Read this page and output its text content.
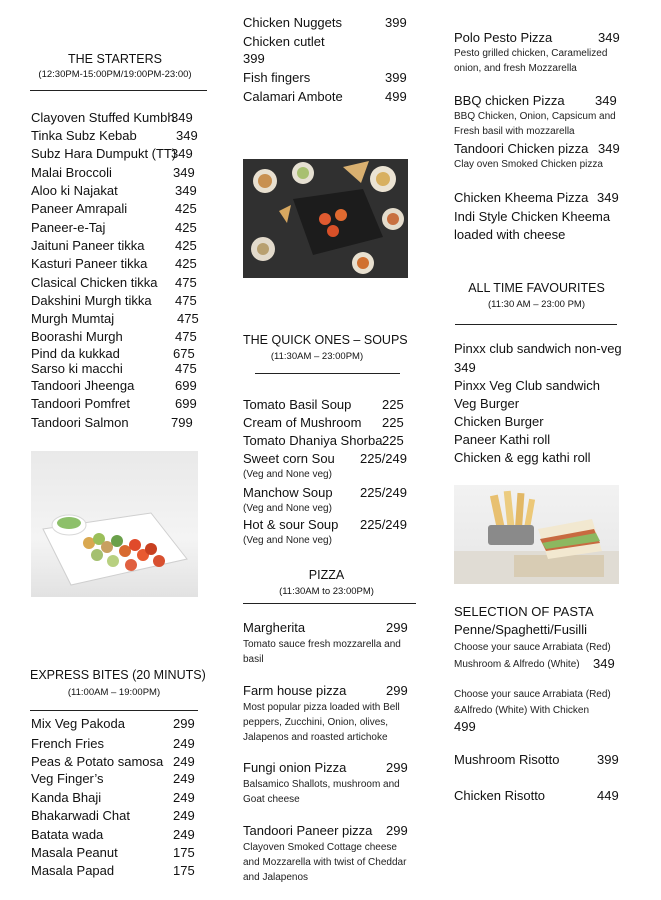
THE STARTERS
(12:30PM-15:00PM/19:00PM-23:00)
Clayoven Stuffed Kumbh
349
Tinka Subz Kebab	349
Subz Hara Dumpukt (TT)
349
Malai Broccoli	349
Aloo ki Najakat	349
Paneer Amrapali	425
Paneer-e-Taj	425
Jaituni Paneer tikka 425
Kasturi Paneer tikka 425
Clasical Chicken tikka 475
Dakshini Murgh tikka 475
Murgh Mumtaj	475
Boorashi Murgh	475
Pind da kukkad	675
Sarso ki macchi	475
Tandoori Jheenga	699
Tandoori Pomfret	699
Tandoori Salmon	799
EXPRESS BITES (20 MINUTS)
(11:00AM – 19:00PM)
Mix Veg Pakoda	299
French Fries	249
Peas & Potato samosa 249
Veg Finger’s	249
Kanda Bhaji	249
Bhakarwadi Chat	249
Batata wada	249
Masala Peanut	175
Masala Papad	175
Chicken Nuggets	399
Chicken cutlet
399
Fish fingers	399
Calamari Ambote	499
THE QUICK ONES – SOUPS
(11:30AM – 23:00PM)
Tomato Basil Soup 225
Cream of Mushroom 225
Tomato Dhaniya Shorba 225
Sweet corn Sou 225/249
(Veg and None veg)
Manchow Soup 225/249
(Veg and None veg)
Hot & sour Soup 225/249
(Veg and None veg)
PIZZA
(11:30AM to 23:00PM)
Margherita	299
Tomato sauce fresh mozzarella and basil
Farm house pizza	299
Most popular pizza loaded with Bell peppers, Zucchini, Onion, olives, Jalapenos and roasted artichoke
Fungi onion Pizza	299
Balsamico Shallots, mushroom and Goat cheese
Tandoori Paneer pizza 299
Clayoven Smoked Cottage cheese and Mozzarella with twist of Cheddar and Jalapenos
Polo Pesto Pizza	349
Pesto grilled chicken, Caramelized onion, and fresh Mozzarella
BBQ chicken Pizza 349
BBQ Chicken, Onion, Capsicum and Fresh basil with mozzarella
Tandoori Chicken pizza 349
Clay oven Smoked Chicken pizza
Chicken Kheema Pizza 349
Indi Style Chicken Kheema loaded with cheese
ALL TIME FAVOURITES
(11:30 AM – 23:00 PM)
Pinxx club sandwich non-veg
349
Pinxx Veg Club sandwich
Veg Burger
Chicken Burger
Paneer Kathi roll
Chicken & egg kathi roll
SELECTION OF PASTA
Penne/Spaghetti/Fusilli
Choose your sauce Arrabiata (Red)
Mushroom & Alfredo (White) 349
Choose your sauce Arrabiata (Red)
&Alfredo (White) With Chicken
499
Mushroom Risotto	399
Chicken Risotto	449
